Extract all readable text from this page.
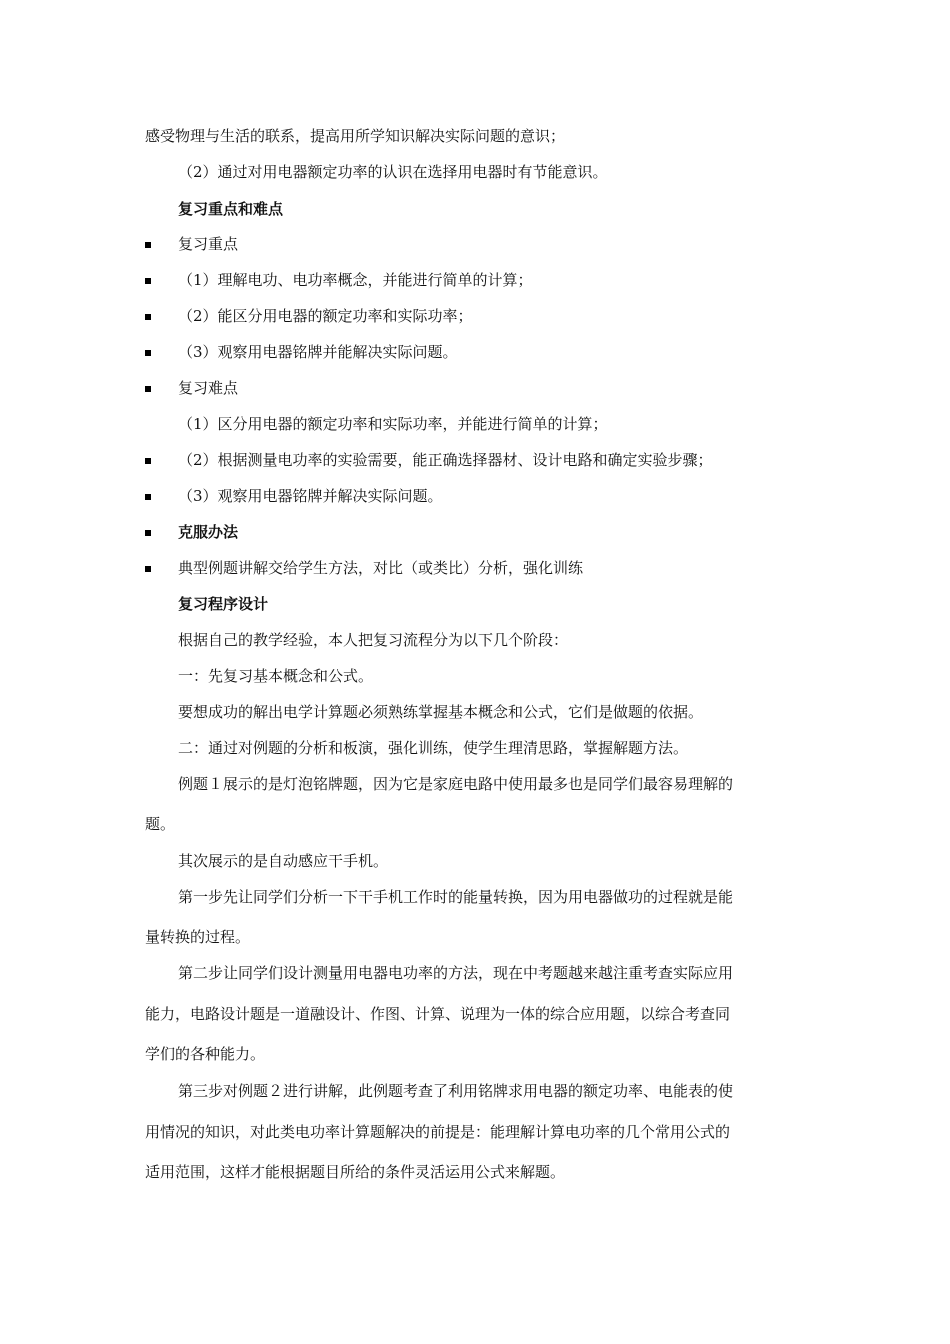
感受物理与生活的联系，提高用所学知识解决实际问题的意识；
（2）通过对用电器额定功率的认识在选择用电器时有节能意识。
复习重点和难点
复习重点
（1）理解电功、电功率概念，并能进行简单的计算；
（2）能区分用电器的额定功率和实际功率；
（3）观察用电器铭牌并能解决实际问题。
复习难点
（1）区分用电器的额定功率和实际功率，并能进行简单的计算；
（2）根据测量电功率的实验需要，能正确选择器材、设计电路和确定实验步骤；
（3）观察用电器铭牌并解决实际问题。
克服办法
典型例题讲解交给学生方法，对比（或类比）分析，强化训练
复习程序设计
根据自己的教学经验，本人把复习流程分为以下几个阶段：
一：先复习基本概念和公式。
要想成功的解出电学计算题必须熟练掌握基本概念和公式，它们是做题的依据。
二：通过对例题的分析和板演，强化训练，使学生理清思路，掌握解题方法。
例题１展示的是灯泡铭牌题，因为它是家庭电路中使用最多也是同学们最容易理解的
题。
其次展示的是自动感应干手机。
第一步先让同学们分析一下干手机工作时的能量转换，因为用电器做功的过程就是能
量转换的过程。
第二步让同学们设计测量用电器电功率的方法，现在中考题越来越注重考查实际应用
能力，电路设计题是一道融设计、作图、计算、说理为一体的综合应用题，以综合考查同
学们的各种能力。
第三步对例题２进行讲解，此例题考查了利用铭牌求用电器的额定功率、电能表的使
用情况的知识，对此类电功率计算题解决的前提是：能理解计算电功率的几个常用公式的
适用范围，这样才能根据题目所给的条件灵活运用公式来解题。
